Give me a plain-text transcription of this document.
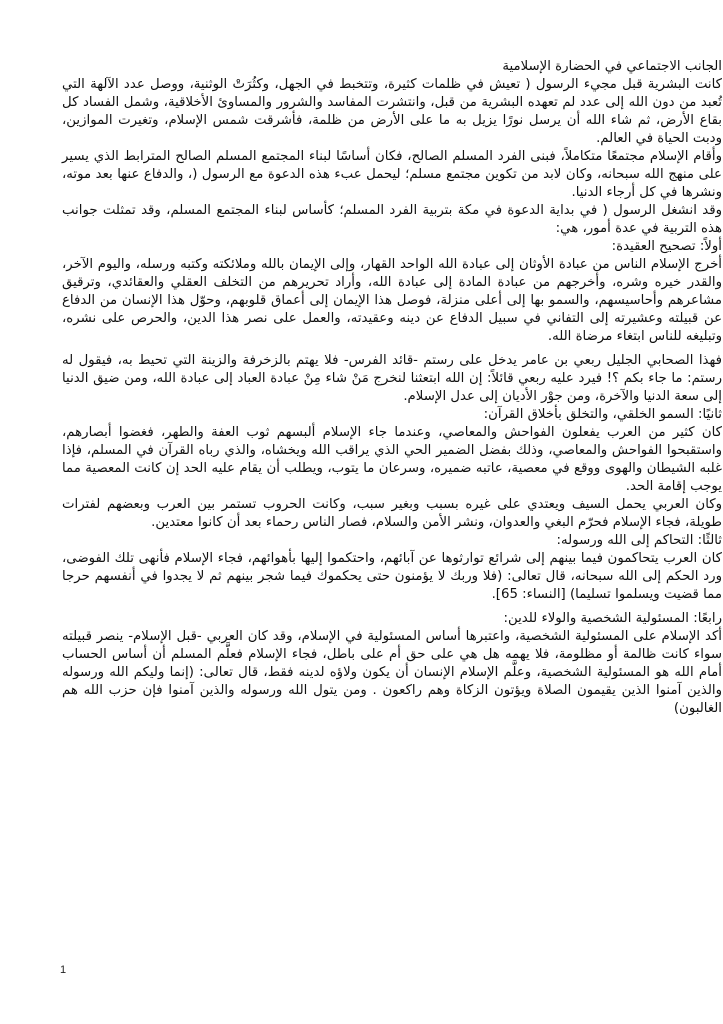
الجانب الاجتماعي في الحضارة الإسلامية

كانت البشرية قبل مجيء الرسول ( تعيش في ظلمات كثيرة، وتتخبط في الجهل، وكثُرَتْ الوثنية، ووصل عدد الآلهة التي تُعبد من دون الله إلى عدد لم تعهده البشرية من قبل، وانتشرت المفاسد والشرور والمساوئ الأخلاقية، وشمل الفساد كل بقاع الأرض، ثم شاء الله أن يرسل نورًا يزيل به ما على الأرض من ظلمة، فأشرقت شمس الإسلام، وتغيرت الموازين، ودبت الحياة في العالم.

وأقام الإسلام مجتمعًا متكاملاً، فبنى الفرد المسلم الصالح، فكان أساسًا لبناء المجتمع المسلم الصالح المترابط الذي يسير على منهج الله سبحانه، وكان لابد من تكوين مجتمع مسلم؛ ليحمل عبء هذه الدعوة مع الرسول (، والدفاع عنها بعد موته، ونشرها في كل أرجاء الدنيا.

وقد انشغل الرسول ( في بداية الدعوة في مكة بتربية الفرد المسلم؛ كأساس لبناء المجتمع المسلم، وقد تمثلت جوانب هذه التربية في عدة أمور، هي:

أولاً: تصحيح العقيدة:

أخرج الإسلام الناس من عبادة الأوثان إلى عبادة الله الواحد القهار، وإلى الإيمان بالله وملائكته وكتبه ورسله، واليوم الآخر، والقدر خيره وشره، وأخرجهم من عبادة المادة إلى عبادة الله، وأراد تحريرهم من التخلف العقلي والعقائدي، وترقيق مشاعرهم وأحاسيسهم، والسمو بها إلى أعلى منزلة، فوصل هذا الإيمان إلى أعماق قلوبهم، وحوّل هذا الإنسان من الدفاع عن قبيلته وعشيرته إلى التفاني في سبيل الدفاع عن دينه وعقيدته، والعمل على نصر هذا الدين، والحرص على نشره، وتبليغه للناس ابتغاء مرضاة الله.

فهذا الصحابي الجليل ربعي بن عامر يدخل على رستم -قائد الفرس- فلا يهتم بالزخرفة والزينة التي تحيط به، فيقول له رستم: ما جاء بكم ؟! فيرد عليه ربعي قائلاً: إن الله ابتعثنا لنخرج مَنْ شاء مِنْ عبادة العباد إلى عبادة الله، ومن ضيق الدنيا إلى سعة الدنيا والآخرة، ومن جوْر الأديان إلى عدل الإسلام.

ثانيًا: السمو الخلقي، والتخلق بأخلاق القرآن:

كان كثير من العرب يفعلون الفواحش والمعاصي، وعندما جاء الإسلام ألبسهم ثوب العفة والطهر، فغضوا أبصارهم، واستقبحوا الفواحش والمعاصي، وذلك بفضل الضمير الحي الذي يراقب الله ويخشاه، والذي رباه القرآن في المسلم، فإذا غلبه الشيطان والهوى ووقع في معصية، عاتبه ضميره، وسرعان ما يتوب، ويطلب أن يقام عليه الحد إن كانت المعصية مما يوجب إقامة الحد.

وكان العربي يحمل السيف ويعتدي على غيره بسبب وبغير سبب، وكانت الحروب تستمر بين العرب وبعضهم لفترات طويلة، فجاء الإسلام فحرّم البغي والعدوان، ونشر الأمن والسلام، فصار الناس رحماء بعد أن كانوا معتدين.

ثالثًا: التحاكم إلى الله ورسوله:

كان العرب يتحاكمون فيما بينهم إلى شرائع توارثوها عن آبائهم، واحتكموا إليها بأهوائهم، فجاء الإسلام فأنهى تلك الفوضى، ورد الحكم إلى الله سبحانه، قال تعالى: (فلا وربك لا يؤمنون حتى يحكموك فيما شجر بينهم ثم لا يجدوا في أنفسهم حرجا مما قضيت ويسلموا تسليما) [النساء: 65].

رابعًا: المسئولية الشخصية والولاء للدين:

أكد الإسلام على المسئولية الشخصية، واعتبرها أساس المسئولية في الإسلام، وقد كان العربي -قبل الإسلام- ينصر قبيلته سواء كانت ظالمة أو مظلومة، فلا يهمه هل هي على حق أم على باطل، فجاء الإسلام فعلَّم المسلم أن أساس الحساب أمام الله هو المسئولية الشخصية، وعلَّم الإسلام الإنسان أن يكون ولاؤه لدينه فقط، قال تعالى: (إنما وليكم الله ورسوله والذين آمنوا الذين يقيمون الصلاة ويؤتون الزكاة وهم راكعون . ومن يتول الله ورسوله والذين آمنوا فإن حزب الله هم الغالبون)

1
